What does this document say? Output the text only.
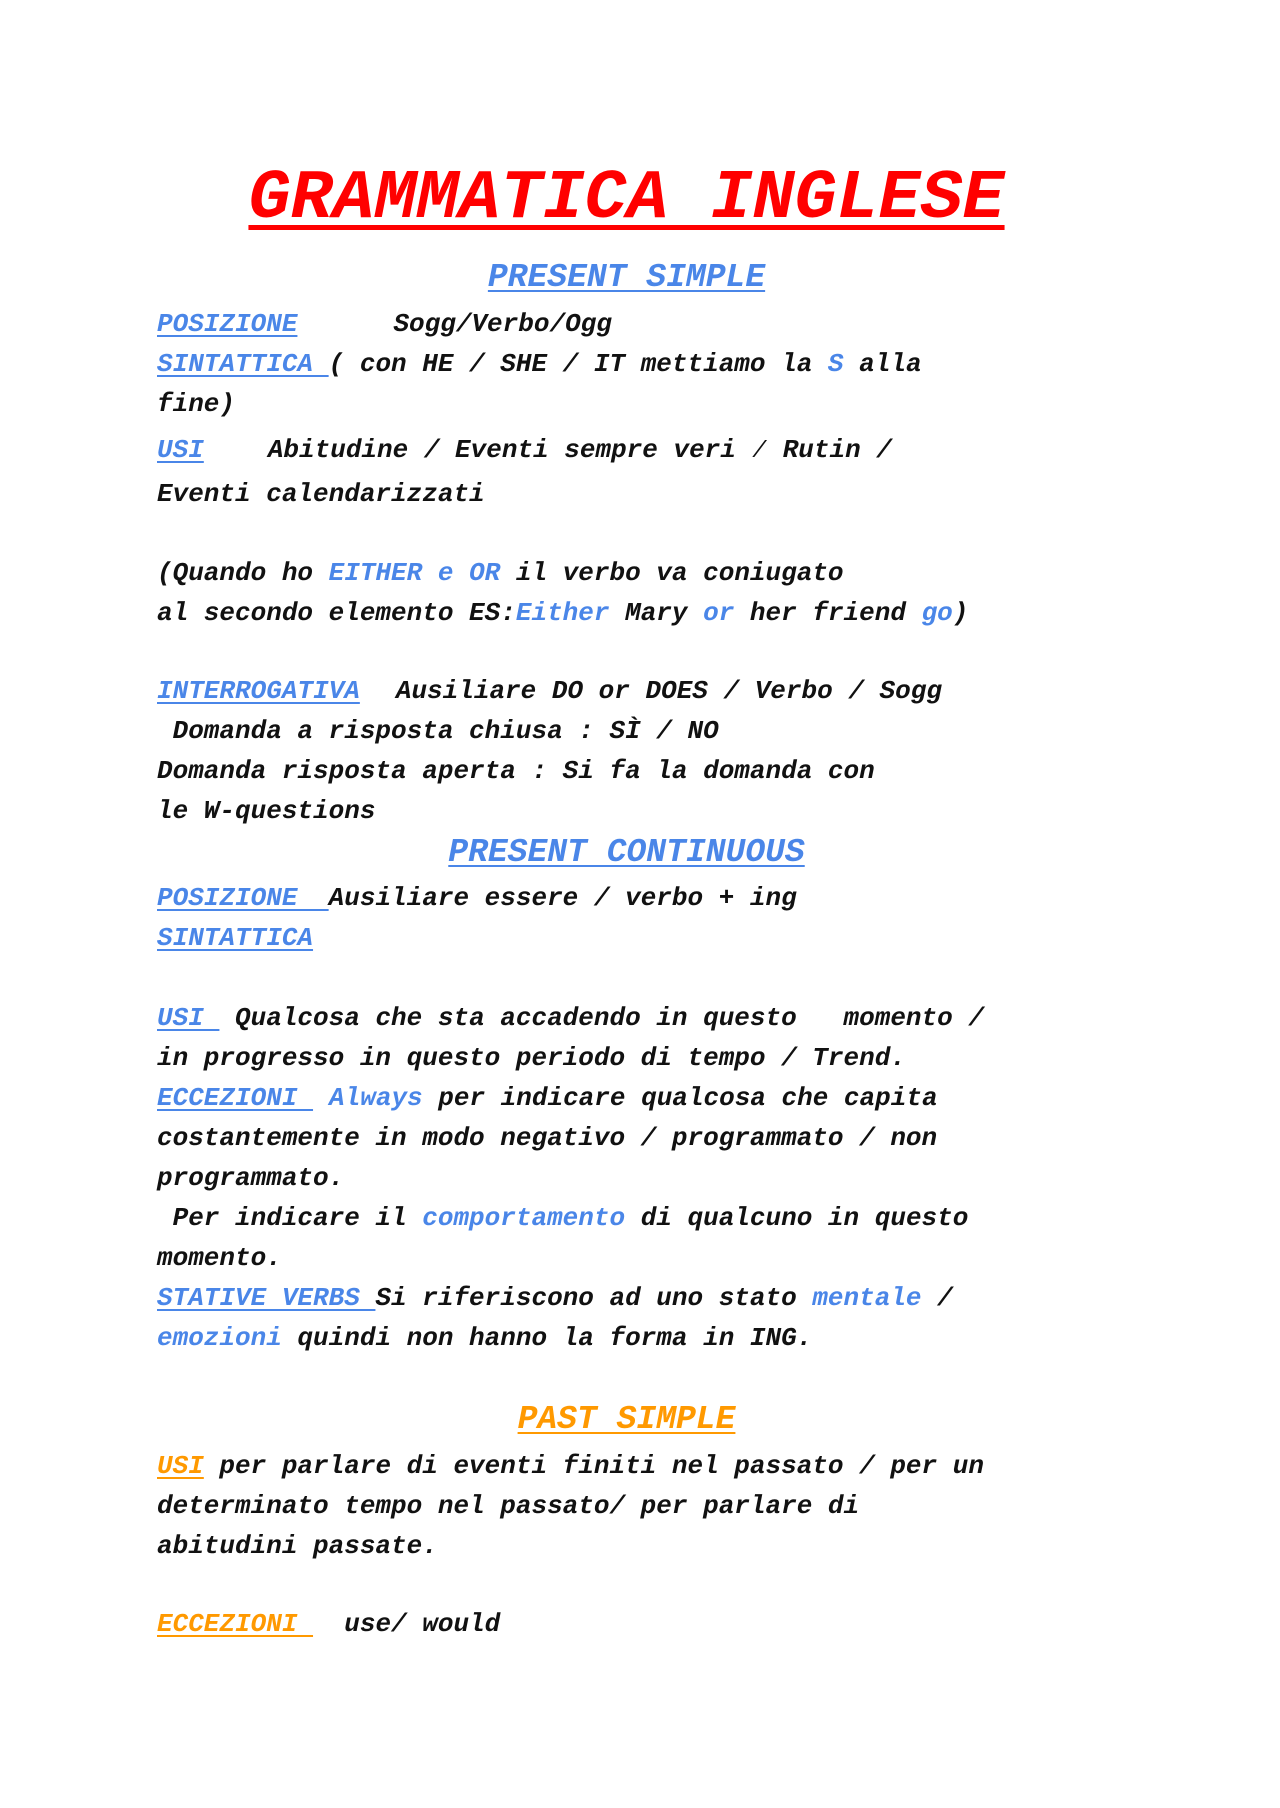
GRAMMATICA INGLESE
PRESENT SIMPLE
POSIZIONE	Sogg/Verbo/Ogg
SINTATTICA ( con HE / SHE / IT mettiamo la S alla
fine)
USI Abitudine / Eventi sempre veri ⁄ Rutin /
Eventi calendarizzati
(Quando ho EITHER e OR il verbo va coniugato
al secondo elemento ES:Either Mary or her friend go)
INTERROGATIVA Ausiliare DO or DOES / Verbo / Sogg
Domanda a risposta chiusa : SÌ / NO
Domanda risposta aperta : Si fa la domanda con
le W-questions
PRESENT CONTINUOUS
POSIZIONE  Ausiliare essere / verbo + ing
SINTATTICA
USI  Qualcosa che sta accadendo in questo   momento /
in progresso in questo periodo di tempo / Trend.
ECCEZIONI Always per indicare qualcosa che capita
costantemente in modo negativo / programmato / non
programmato.
Per indicare il comportamento di qualcuno in questo
momento.
STATIVE VERBS Si riferiscono ad uno stato mentale /
emozioni quindi non hanno la forma in ING.
PAST SIMPLE
USI per parlare di eventi finiti nel passato / per un
determinato tempo nel passato/ per parlare di
abitudini passate.
ECCEZIONI   use/ would
